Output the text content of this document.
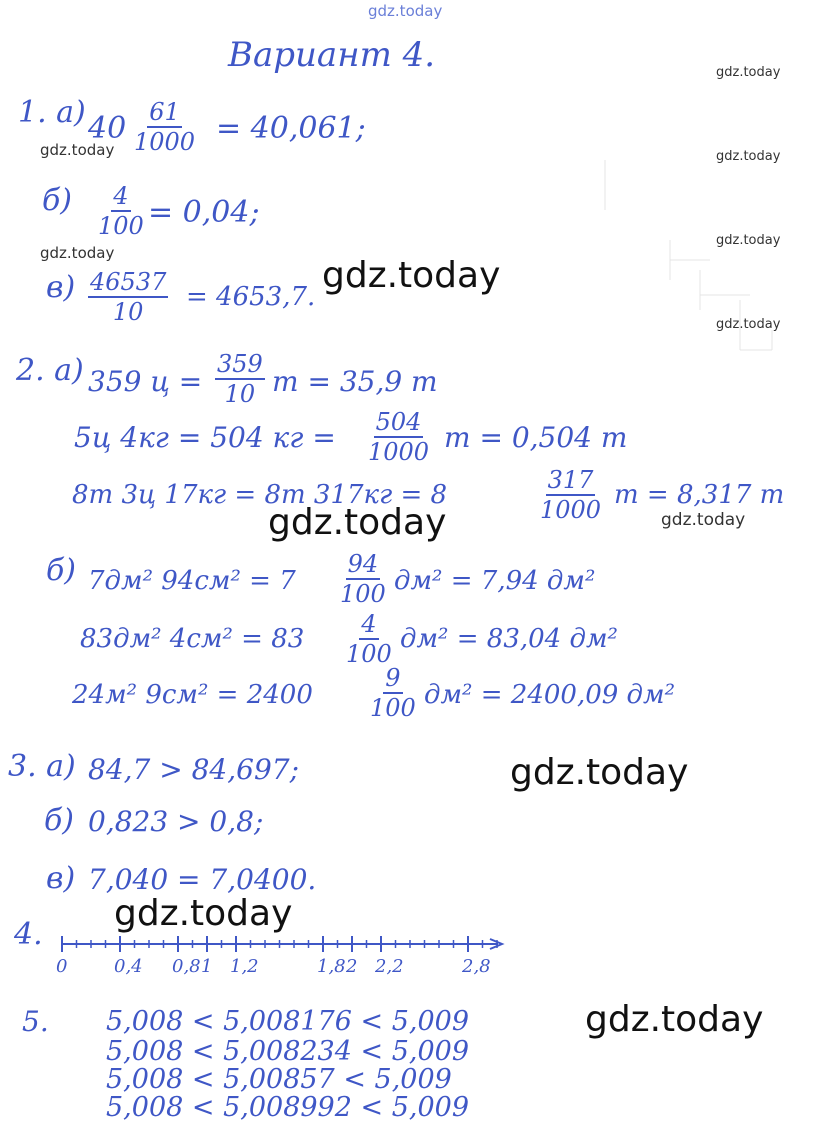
gdz.today
gdz.today
gdz.today	gdz.today
gdz.today
gdz.today
gdz.today
gdz.today
gdz.today
gdz.today
gdz.today
gdz.today
gdz.today
Вариант 4.
1. а) $40 \frac{61}{1000} = 40,061$;
$б) \frac{4}{100} = 0,04$;
$в) \frac{46537}{10} = 4653,7$.
2. а) 359 $ц = \frac{359}{10}$ т = 35,9 т
5ц 4кг = 504 кг = $\frac{504}{1000}$ т = 0,504 т
8т 3ц 17кг = 8т 317кг = 8	$\frac{317}{1000}$ т = 8,317 т
б) 7дм² $94см^2 = 7 \frac{94}{100} дм^2 = 7,94$ дм²
83дм² $4см^2 = 83 \frac{4}{100} дм^2 = 83,04$ дм²
24м² $9см^2 = 2400 \frac{9}{100} дм^2 = 2400,09$ дм²
3. а) 84,7 > 84,697;
б) 0,823 > 0,8;
в) 7,040 = 7,0400.
4.
0	0,4 0,8 1 1,2	1,8 2 2,2	2,8
5. 5,008 < 5,008176 < 5,009
5,008 < 5,008234 < 5,009
5,008 < 5,00857 < 5,009
5,008 < 5,008992 < 5,009
